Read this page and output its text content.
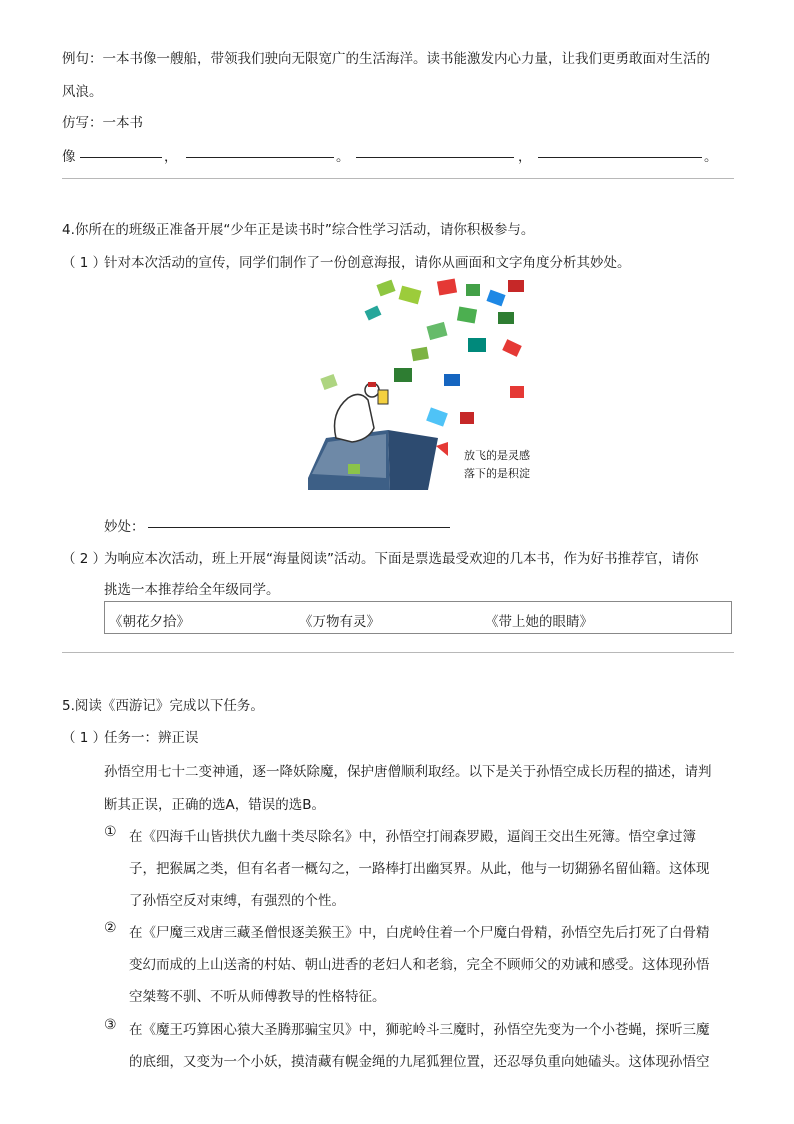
例句：一本书像一艘船，带领我们驶向无限宽广的生活海洋。读书能激发内心力量，让我们更勇敢面对生活的
风浪。
仿写：一本书
像	，	。	，	。
4.你所在的班级正准备开展“少年正是读书时”综合性学习活动，请你积极参与。
（ 1 ）
针对本次活动的宣传，同学们制作了一份创意海报，请你从画面和文字角度分析其妙处。
放飞的是灵感
落下的是积淀
妙处：
（ 2 ）
为响应本次活动，班上开展“海量阅读”活动。下面是票选最受欢迎的几本书，作为好书推荐官，请你
挑选一本推荐给全年级同学。
《朝花夕拾》	《万物有灵》	《带上她的眼睛》
5.阅读《西游记》完成以下任务。
（ 1 ）
任务一：辨正误
孙悟空用七十二变神通，逐一降妖除魔，保护唐僧顺利取经。以下是关于孙悟空成长历程的描述，请判
断其正误，正确的选A，错误的选B。
① 在《四海千山皆拱伏九幽十类尽除名》中，孙悟空打闹森罗殿，逼阎王交出生死簿。悟空拿过簿
子，把猴属之类，但有名者一概勾之，一路棒打出幽冥界。从此，他与一切猢狲名留仙籍。这体现
了孙悟空反对束缚，有强烈的个性。
② 在《尸魔三戏唐三藏圣僧恨逐美猴王》中，白虎岭住着一个尸魔白骨精，孙悟空先后打死了白骨精
变幻而成的上山送斋的村姑、朝山进香的老妇人和老翁，完全不顾师父的劝诫和感受。这体现孙悟
空桀骜不驯、不听从师傅教导的性格特征。
③ 在《魔王巧算困心猿大圣腾那骗宝贝》中，狮驼岭斗三魔时，孙悟空先变为一个小苍蝇，探听三魔
的底细，又变为一个小妖，摸清藏有幌金绳的九尾狐狸位置，还忍辱负重向她磕头。这体现孙悟空
